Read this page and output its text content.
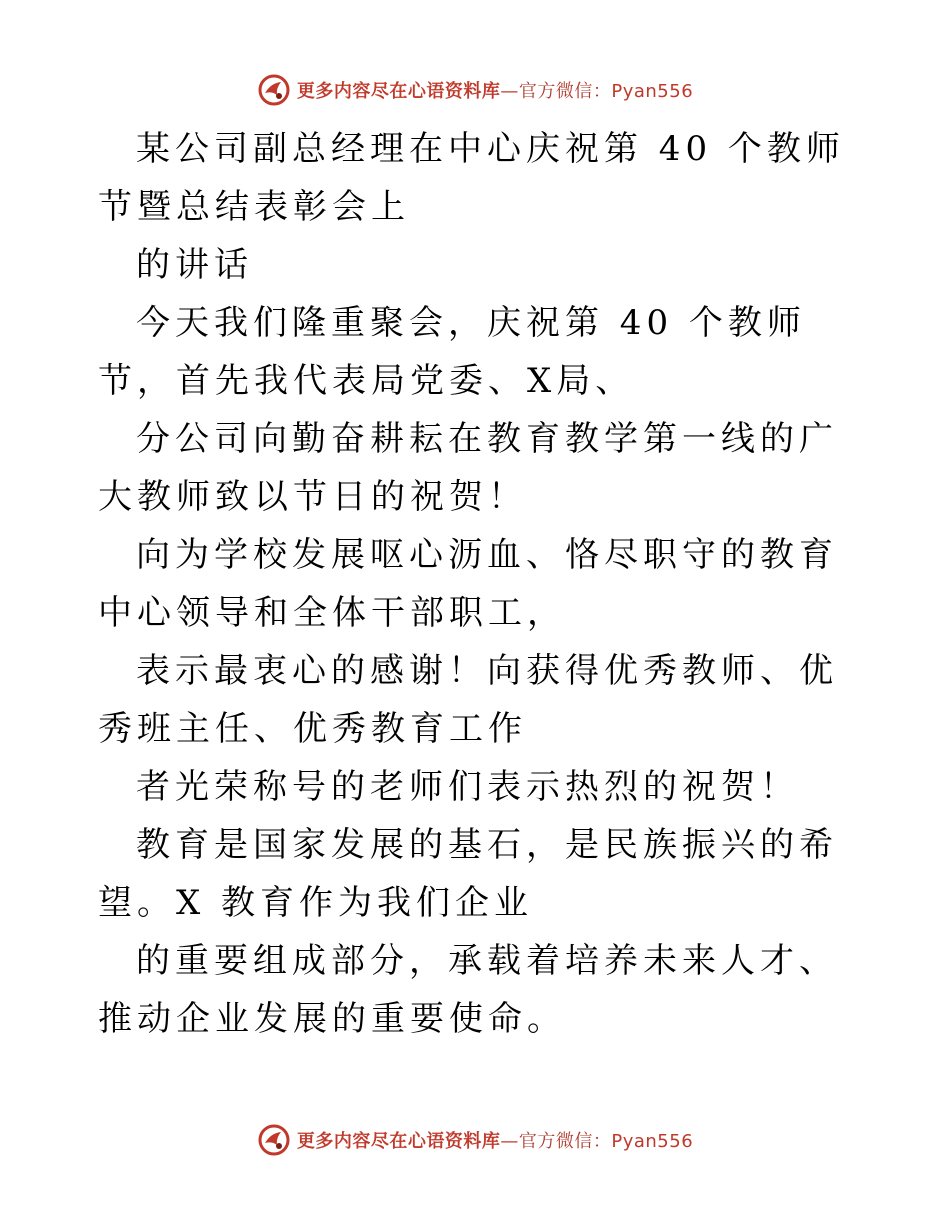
更多内容尽在心语资料库—官方微信：Pyan556

某公司副总经理在中心庆祝第 40 个教师节暨总结表彰会上

的讲话

今天我们隆重聚会，庆祝第 40 个教师节，首先我代表局党委、X局、

分公司向勤奋耕耘在教育教学第一线的广大教师致以节日的祝贺！

向为学校发展呕心沥血、恪尽职守的教育中心领导和全体干部职工，

表示最衷心的感谢！向获得优秀教师、优秀班主任、优秀教育工作

者光荣称号的老师们表示热烈的祝贺！

教育是国家发展的基石，是民族振兴的希望。X 教育作为我们企业

的重要组成部分，承载着培养未来人才、推动企业发展的重要使命。

更多内容尽在心语资料库—官方微信：Pyan556
